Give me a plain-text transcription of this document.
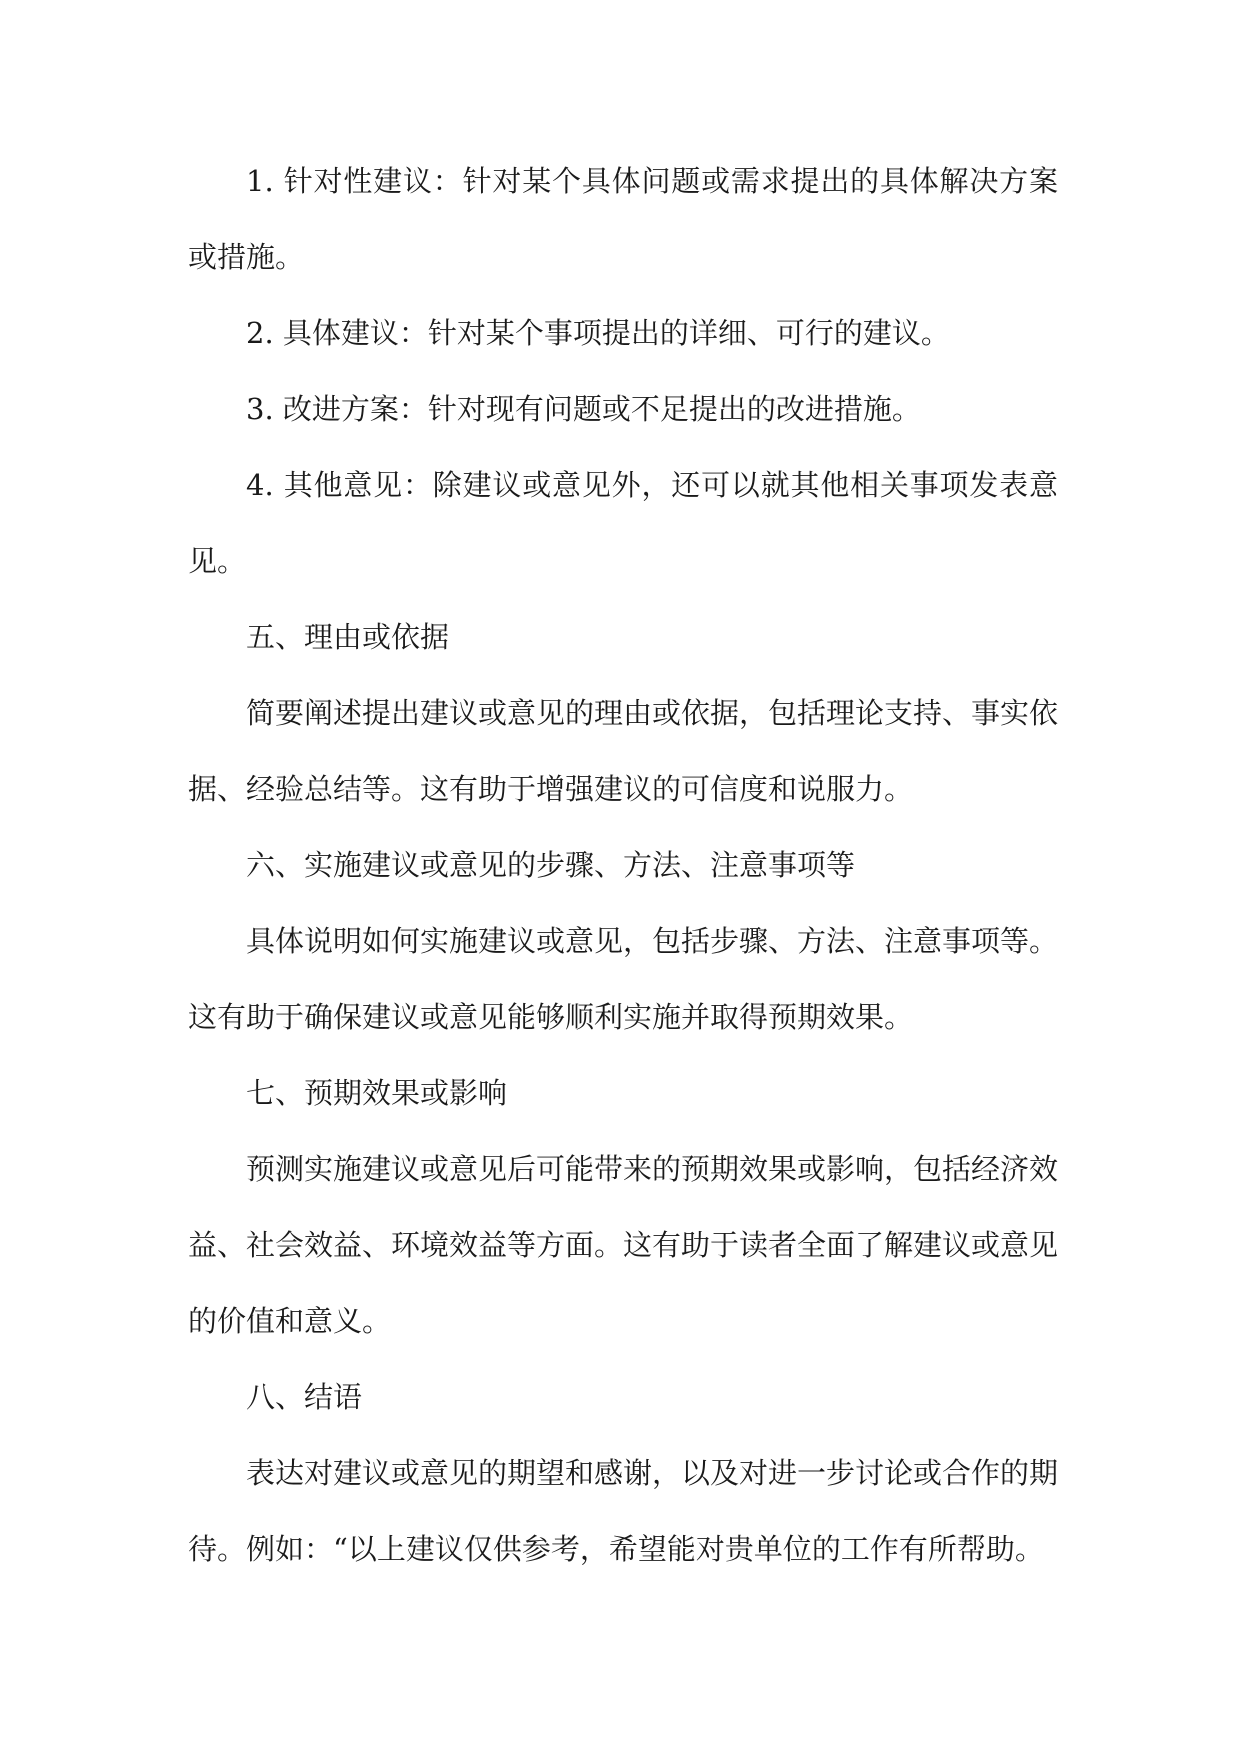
1. 针对性建议：针对某个具体问题或需求提出的具体解决方案或措施。

2. 具体建议：针对某个事项提出的详细、可行的建议。

3. 改进方案：针对现有问题或不足提出的改进措施。

4. 其他意见：除建议或意见外，还可以就其他相关事项发表意见。

五、理由或依据

简要阐述提出建议或意见的理由或依据，包括理论支持、事实依据、经验总结等。这有助于增强建议的可信度和说服力。

六、实施建议或意见的步骤、方法、注意事项等

具体说明如何实施建议或意见，包括步骤、方法、注意事项等。这有助于确保建议或意见能够顺利实施并取得预期效果。

七、预期效果或影响

预测实施建议或意见后可能带来的预期效果或影响，包括经济效益、社会效益、环境效益等方面。这有助于读者全面了解建议或意见的价值和意义。

八、结语

表达对建议或意见的期望和感谢，以及对进一步讨论或合作的期待。例如：“以上建议仅供参考，希望能对贵单位的工作有所帮助。
